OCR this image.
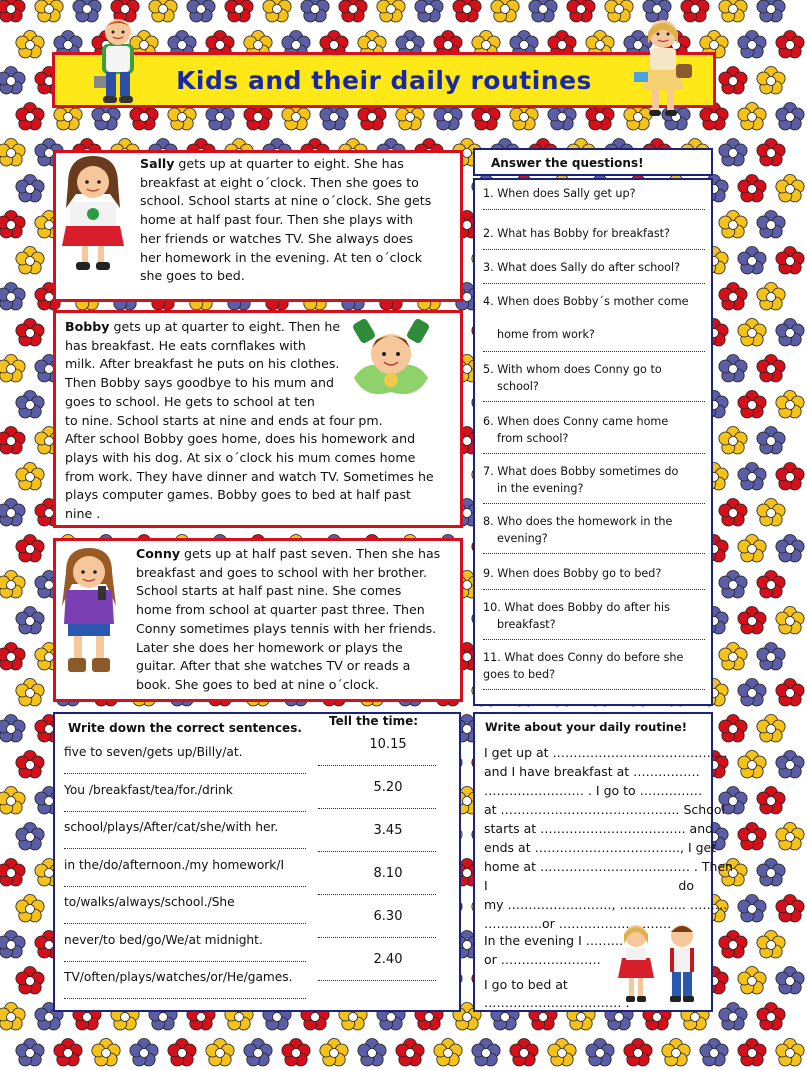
Kids and their daily routines
Sally gets up at quarter to eight. She has
breakfast at eight o´clock. Then she goes to
school. School starts at nine o´clock. She gets
home at half past four. Then she plays with
her friends or watches TV. She always does
her homework in the evening. At ten o´clock
she goes to bed.
Bobby gets up at quarter to eight. Then he
has breakfast. He eats cornflakes with
milk. After breakfast he puts on his clothes.
Then Bobby says goodbye to his mum and
goes to school. He gets to school at ten
to nine. School starts at nine and ends at four pm.
After school Bobby goes home, does his homework and
plays with his dog. At six o´clock his mum comes home
from work. They have dinner and watch TV. Sometimes he
plays computer games. Bobby goes to bed at half past
nine .
Conny gets up at half past seven. Then she has
breakfast and goes to school with her brother.
School starts at half past nine. She comes
home from school at quarter past three. Then
Conny sometimes plays tennis with her friends.
Later she does her homework or plays the
guitar. After that she watches TV or reads a
book. She goes to bed at nine o´clock.
Answer the questions!
1. When does Sally get up?
2. What has Bobby for breakfast?
3. What does Sally do after school?
4. When does Bobby´s mother come

home from work?
5. With whom does Conny go to
school?
6. When does Conny came home
from school?
7. What does Bobby sometimes do
in the evening?
8. Who does the homework in the
evening?
9. When does Bobby go to bed?
10. What does Bobby do after his
breakfast?
11. What does Conny do before she
goes to bed?
Write down the correct sentences. Tell the time:
five to seven/gets up/Billy/at.
You /breakfast/tea/for./drink
school/plays/After/cat/she/with her.
in the/do/afternoon./my homework/I
to/walks/always/school./She
never/to bed/go/We/at midnight.
TV/often/plays/watches/or/He/games.
10.15
5.20
3.45
8.10
6.30
2.40
Write about your daily routine!
I get up at ……………………………………
and I have breakfast at …………….
…………………… . I go to ……………
at ……………………………………. School
starts at …………………………….. and
ends at …………………………….., I get
home at ……………………………… . Then
I                                                do
my ……………………., ……………. ………
…………..or ……………………… .
In the evening I ………
or ……………………
I go to bed at
…………………………… .
